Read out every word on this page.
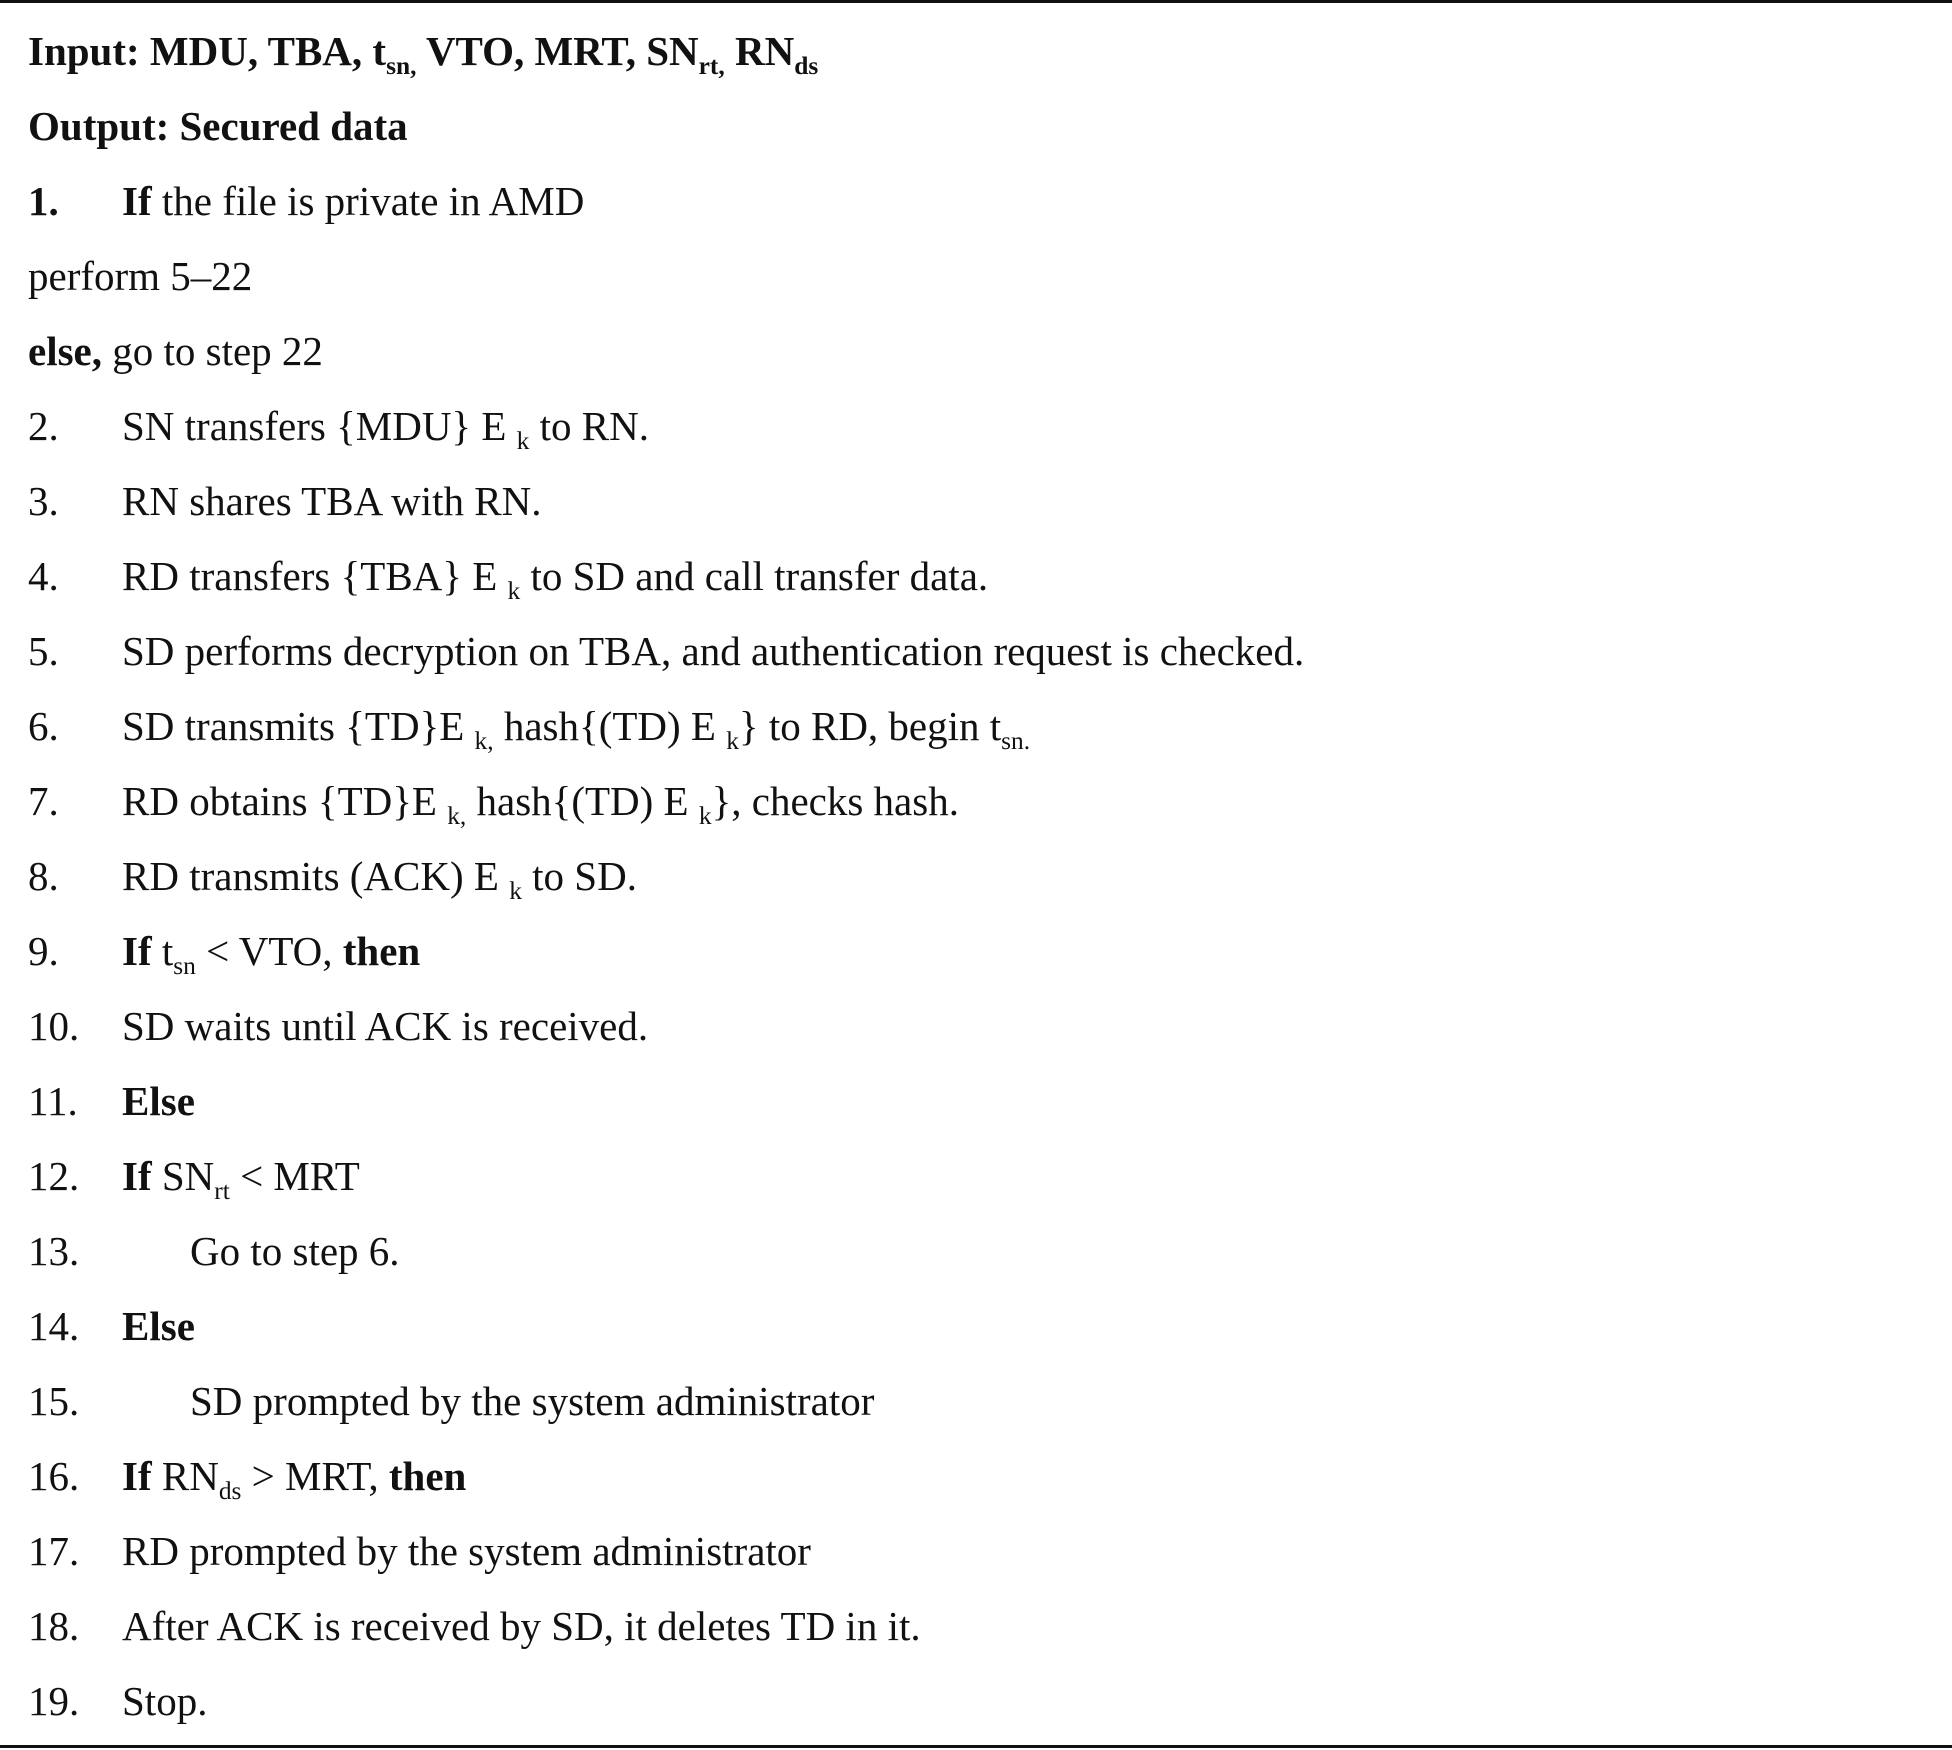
Input: MDU, TBA, $t_{sn,}$ VTO, MRT, $SN_{rt,}$ $RN_{ds}$
Output: Secured data
1. If the file is private in AMD
perform 5–22
else, go to step 22
2. SN transfers {MDU} E $_k$ to RN.
3. RN shares TBA with RN.
4. RD transfers {TBA} E $_k$ to SD and call transfer data.
5. SD performs decryption on TBA, and authentication request is checked.
6. SD transmits {TD}E $_{k,}$ hash{(TD) E $_k$} to RD, begin $t_{sn.}$
7. RD obtains {TD}E $_{k,}$ hash{(TD) E $_k$}, checks hash.
8. RD transmits (ACK) E $_k$ to SD.
9. If $t_{sn}$ < VTO, then
10. SD waits until ACK is received.
11. Else
12. If $SN_{rt}$ < MRT
13.	Go to step 6.
14. Else
15.	SD prompted by the system administrator
16. If $RN_{ds}$ > MRT, then
17. RD prompted by the system administrator
18. After ACK is received by SD, it deletes TD in it.
19. Stop.
